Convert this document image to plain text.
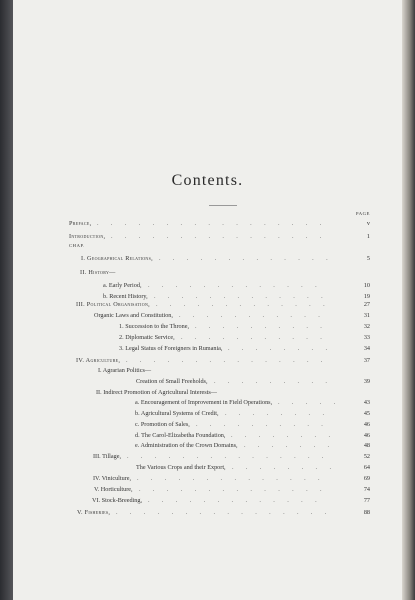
Contents.
PAGE
CHAP.
Preface, .  .  .  .  .  .  .  .  .  .  .  .  .  .  .  .  .  	v
Introduction, .  .  .  .  .  .  .  .  .  .  .  .  .  .  .  .  	1
I. Geographical Relations, .  .  .  .  .  .  .  .  .  .  .  .  .  	5
II. History—
a. Early Period, .  .  .  .  .  .  .  .  .  .  .  .  .  	10
b. Recent History, .  .  .  .  .  .  .  .  .  .  .  .  .  	19
III. Political Organisation, .  .  .  .  .  .  .  .  .  .  .  .  .  	27
Organic Laws and Constitution, .  .  .  .  .  .  .  .  .  .  .  	31
1. Succession to the Throne, .  .  .  .  .  .  .  .  .  .  	32
2. Diplomatic Service, .  .  .  .  .  .  .  .  .  .  .  	33
3. Legal Status of Foreigners in Rumania, .  .  .  .  .  .  .  .  	34
IV. Agriculture, .  .  .  .  .  .  .  .  .  .  .  .  .  .  .  	37
I. Agrarian Politics—
Creation of Small Freeholds, .  .  .  .  .  .  .  .  .  	39
II. Indirect Promotion of Agricultural Interests—
a. Encouragement of Improvement in Field Operations, .  .  .  .  .  	43
b. Agricultural Systems of Credit, .  .  .  .  .  .  .  .  	45
c. Promotion of Sales, .  .  .  .  .  .  .  .  .  .  	46
d. The Carol-Elizabetha Foundation, .  .  .  .  .  .  .  .  	46
e. Administration of the Crown Domains, .  .  .  .  .  .  .  	48
III. Tillage, .  .  .  .  .  .  .  .  .  .  .  .  .  .  .  	52
The Various Crops and their Export, .  .  .  .  .  .  .  .  	64
IV. Viniculture, .  .  .  .  .  .  .  .  .  .  .  .  .  .  	69
V. Horticulture, .  .  .  .  .  .  .  .  .  .  .  .  .  .  	74
VI. Stock-Breeding, .  .  .  .  .  .  .  .  .  .  .  .  .  	77
V. Fisheries, .  .  .  .  .  .  .  .  .  .  .  .  .  .  .  .  	88
